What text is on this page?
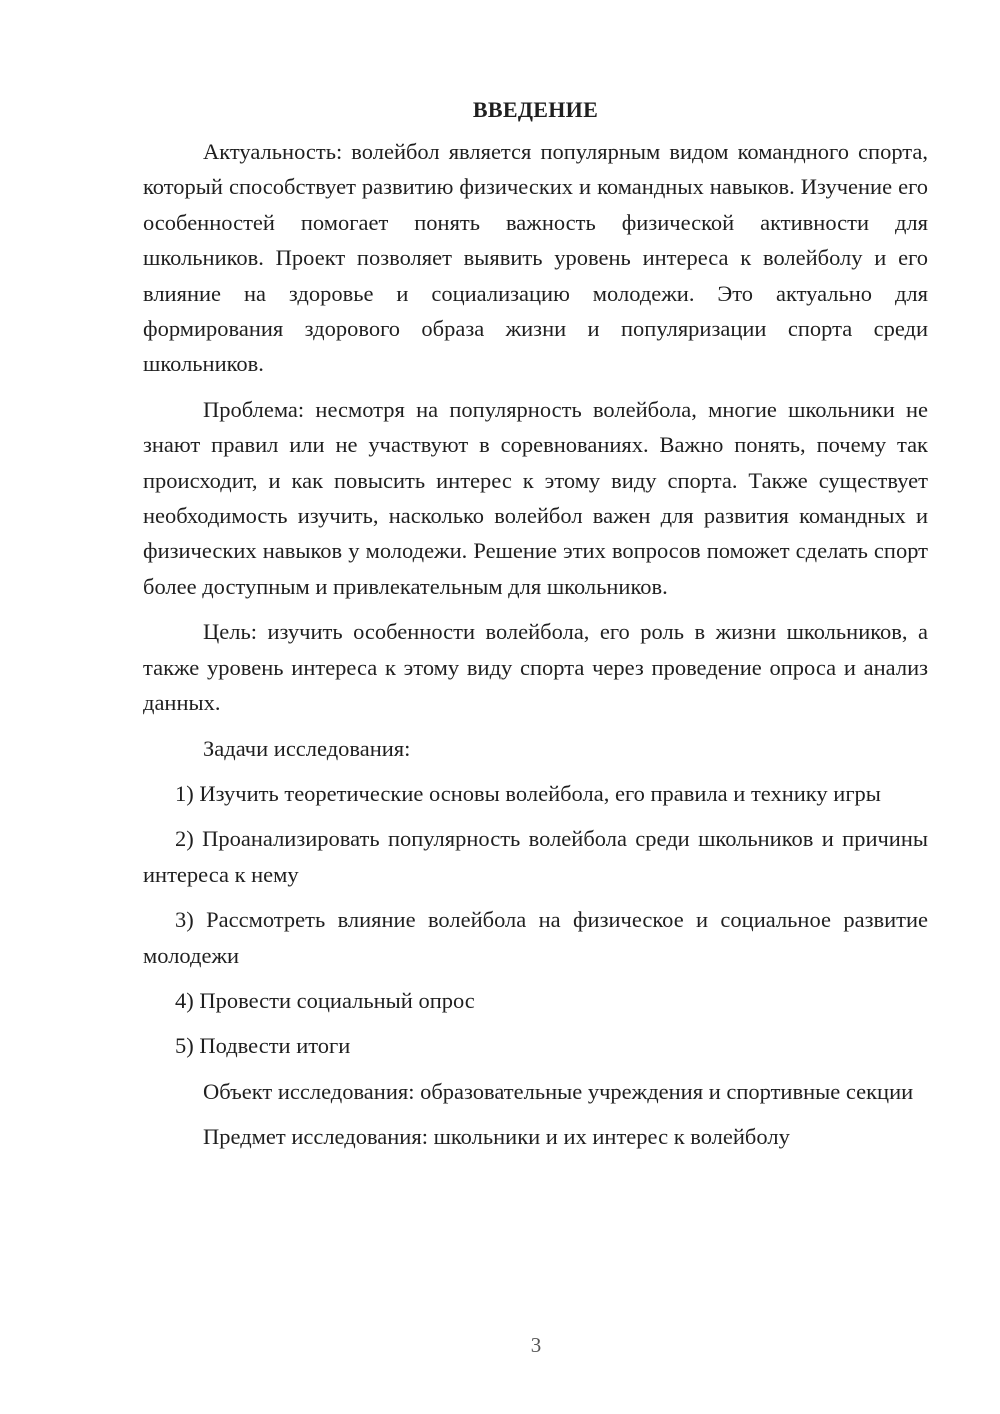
ВВЕДЕНИЕ

Актуальность: волейбол является популярным видом командного спорта, который способствует развитию физических и командных навыков. Изучение его особенностей помогает понять важность физической активности для школьников. Проект позволяет выявить уровень интереса к волейболу и его влияние на здоровье и социализацию молодежи. Это актуально для формирования здорового образа жизни и популяризации спорта среди школьников.

Проблема: несмотря на популярность волейбола, многие школьники не знают правил или не участвуют в соревнованиях. Важно понять, почему так происходит, и как повысить интерес к этому виду спорта. Также существует необходимость изучить, насколько волейбол важен для развития командных и физических навыков у молодежи. Решение этих вопросов поможет сделать спорт более доступным и привлекательным для школьников.

Цель: изучить особенности волейбола, его роль в жизни школьников, а также уровень интереса к этому виду спорта через проведение опроса и анализ данных.

Задачи исследования:

1) Изучить теоретические основы волейбола, его правила и технику игры

2) Проанализировать популярность волейбола среди школьников и причины интереса к нему

3) Рассмотреть влияние волейбола на физическое и социальное развитие молодежи

4) Провести социальный опрос

5) Подвести итоги

Объект исследования: образовательные учреждения и спортивные секции

Предмет исследования: школьники и их интерес к волейболу

3
